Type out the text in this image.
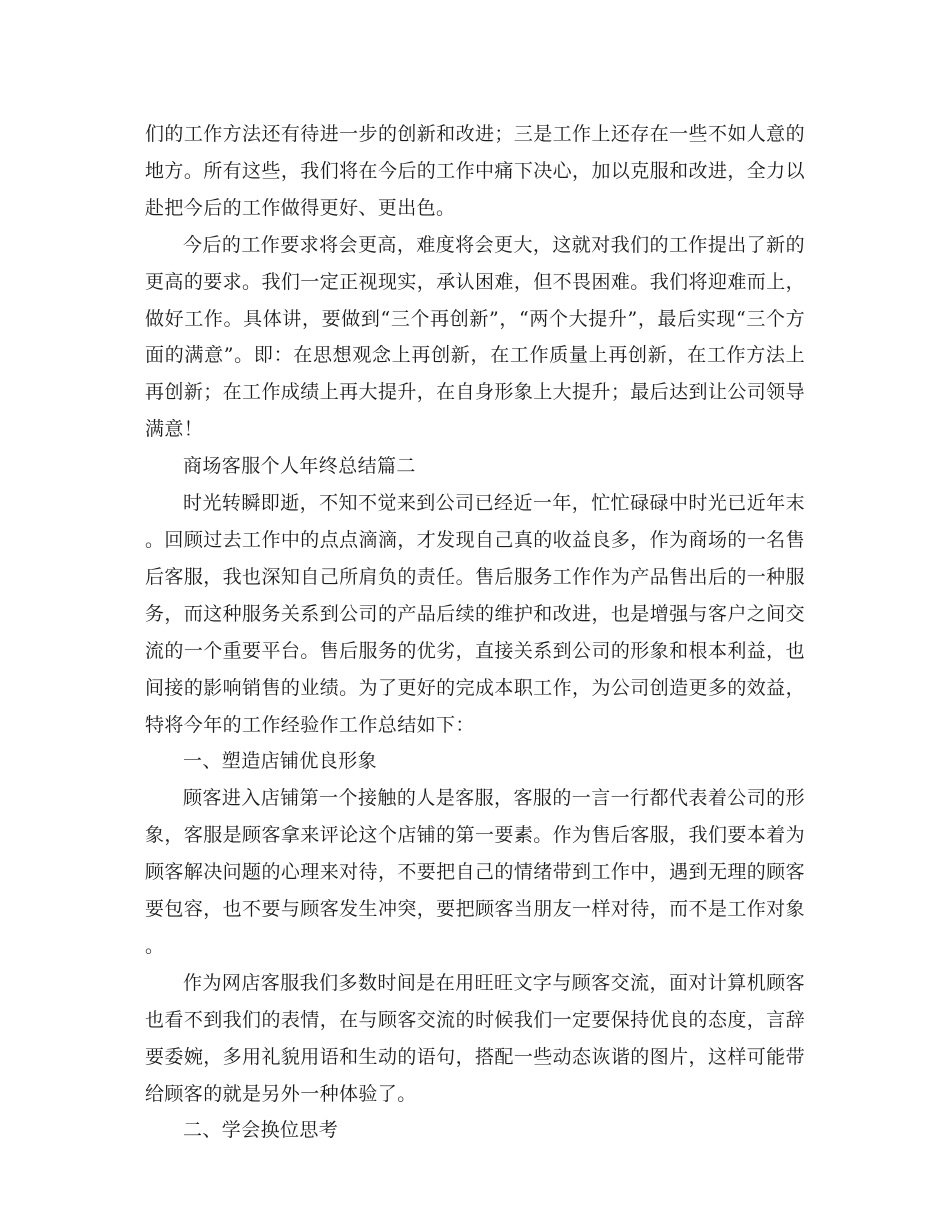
们的工作方法还有待进一步的创新和改进；三是工作上还存在一些不如人意的地方。所有这些，我们将在今后的工作中痛下决心，加以克服和改进，全力以赴把今后的工作做得更好、更出色。

今后的工作要求将会更高，难度将会更大，这就对我们的工作提出了新的更高的要求。我们一定正视现实，承认困难，但不畏困难。我们将迎难而上，做好工作。具体讲，要做到“三个再创新”，“两个大提升”，最后实现“三个方面的满意”。即：在思想观念上再创新，在工作质量上再创新，在工作方法上再创新；在工作成绩上再大提升，在自身形象上大提升；最后达到让公司领导满意！

商场客服个人年终总结篇二

时光转瞬即逝，不知不觉来到公司已经近一年，忙忙碌碌中时光已近年末。回顾过去工作中的点点滴滴，才发现自己真的收益良多，作为商场的一名售后客服，我也深知自己所肩负的责任。售后服务工作作为产品售出后的一种服务，而这种服务关系到公司的产品后续的维护和改进，也是增强与客户之间交流的一个重要平台。售后服务的优劣，直接关系到公司的形象和根本利益，也间接的影响销售的业绩。为了更好的完成本职工作，为公司创造更多的效益，特将今年的工作经验作工作总结如下：

一、塑造店铺优良形象

顾客进入店铺第一个接触的人是客服，客服的一言一行都代表着公司的形象，客服是顾客拿来评论这个店铺的第一要素。作为售后客服，我们要本着为顾客解决问题的心理来对待，不要把自己的情绪带到工作中，遇到无理的顾客要包容，也不要与顾客发生冲突，要把顾客当朋友一样对待，而不是工作对象。

作为网店客服我们多数时间是在用旺旺文字与顾客交流，面对计算机顾客也看不到我们的表情，在与顾客交流的时候我们一定要保持优良的态度，言辞要委婉，多用礼貌用语和生动的语句，搭配一些动态诙谐的图片，这样可能带给顾客的就是另外一种体验了。

二、学会换位思考
